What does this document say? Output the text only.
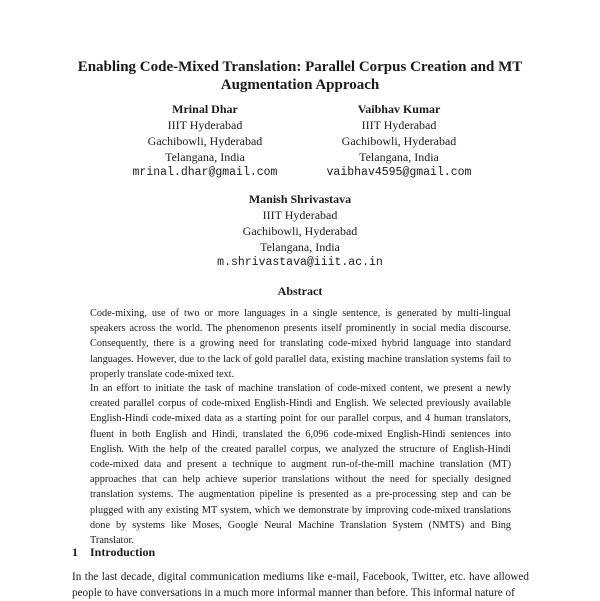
Enabling Code-Mixed Translation: Parallel Corpus Creation and MT Augmentation Approach
Mrinal Dhar
IIIT Hyderabad
Gachibowli, Hyderabad
Telangana, India
mrinal.dhar@gmail.com
Vaibhav Kumar
IIIT Hyderabad
Gachibowli, Hyderabad
Telangana, India
vaibhav4595@gmail.com
Manish Shrivastava
IIIT Hyderabad
Gachibowli, Hyderabad
Telangana, India
m.shrivastava@iiit.ac.in
Abstract
Code-mixing, use of two or more languages in a single sentence, is generated by multi-lingual speakers across the world. The phenomenon presents itself prominently in social media discourse. Consequently, there is a growing need for translating code-mixed hybrid language into standard languages. However, due to the lack of gold parallel data, existing machine translation systems fail to properly translate code-mixed text.
In an effort to initiate the task of machine translation of code-mixed content, we present a newly created parallel corpus of code-mixed English-Hindi and English. We selected previously available English-Hindi code-mixed data as a starting point for our parallel corpus, and 4 human translators, fluent in both English and Hindi, translated the 6,096 code-mixed English-Hindi sentences into English. With the help of the created parallel corpus, we analyzed the structure of English-Hindi code-mixed data and present a technique to augment run-of-the-mill machine translation (MT) approaches that can help achieve superior translations without the need for specially designed translation systems. The augmentation pipeline is presented as a pre-processing step and can be plugged with any existing MT system, which we demonstrate by improving code-mixed translations done by systems like Moses, Google Neural Machine Translation System (NMTS) and Bing Translator.
1 Introduction
In the last decade, digital communication mediums like e-mail, Facebook, Twitter, etc. have allowed people to have conversations in a much more informal manner than before. This informal nature of
